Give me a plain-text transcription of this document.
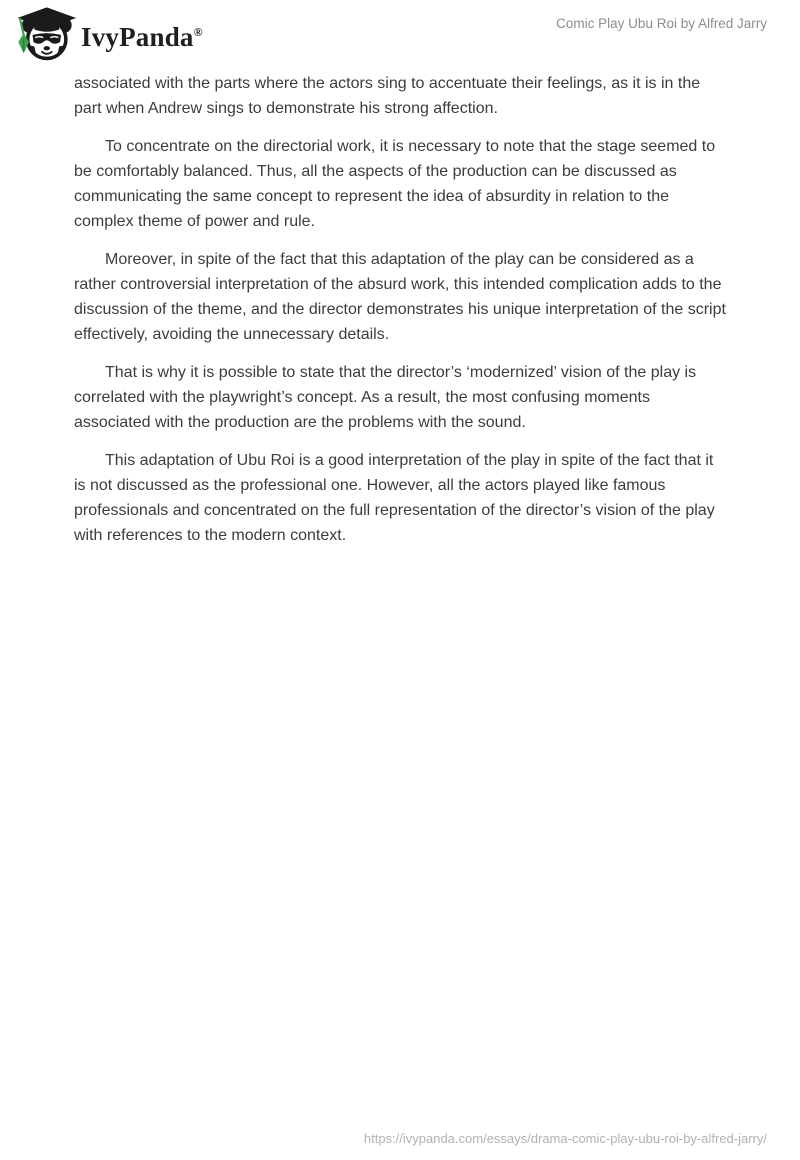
IvyPanda®
Comic Play Ubu Roi by Alfred Jarry

associated with the parts where the actors sing to accentuate their feelings, as it is in the part when Andrew sings to demonstrate his strong affection.

To concentrate on the directorial work, it is necessary to note that the stage seemed to be comfortably balanced. Thus, all the aspects of the production can be discussed as communicating the same concept to represent the idea of absurdity in relation to the complex theme of power and rule.

Moreover, in spite of the fact that this adaptation of the play can be considered as a rather controversial interpretation of the absurd work, this intended complication adds to the discussion of the theme, and the director demonstrates his unique interpretation of the script effectively, avoiding the unnecessary details.

That is why it is possible to state that the director’s ‘modernized’ vision of the play is correlated with the playwright’s concept. As a result, the most confusing moments associated with the production are the problems with the sound.

This adaptation of Ubu Roi is a good interpretation of the play in spite of the fact that it is not discussed as the professional one. However, all the actors played like famous professionals and concentrated on the full representation of the director’s vision of the play with references to the modern context.

https://ivypanda.com/essays/drama-comic-play-ubu-roi-by-alfred-jarry/
